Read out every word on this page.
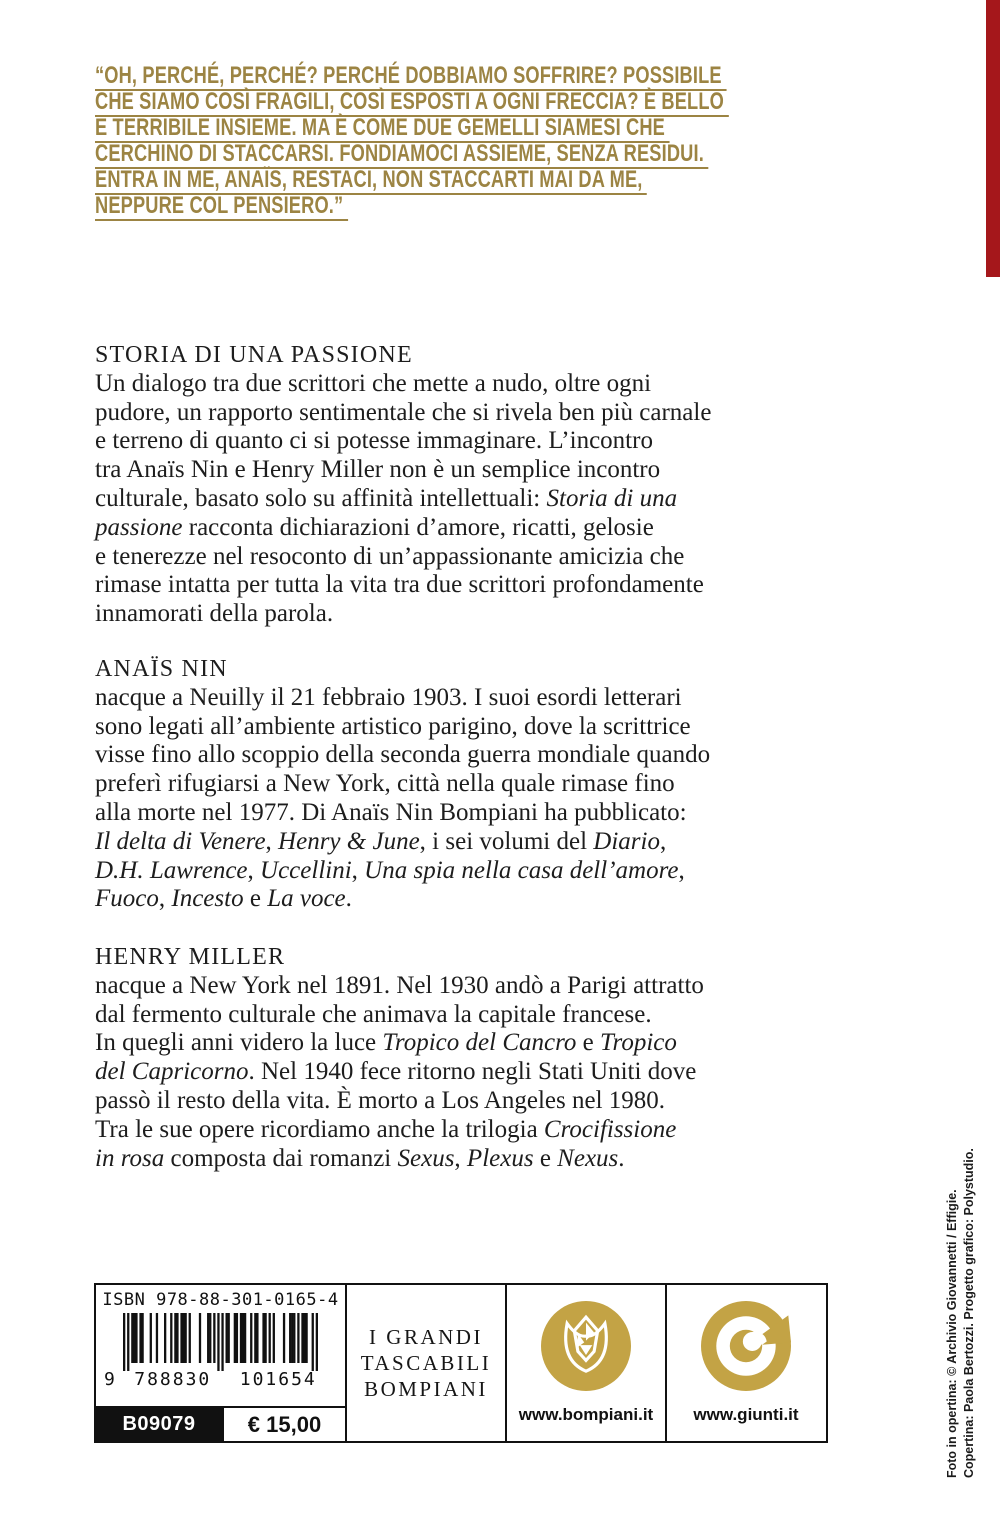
“OH, PERCHÉ, PERCHÉ? PERCHÉ DOBBIAMO SOFFRIRE? POSSIBILE
CHE SIAMO COSÌ FRAGILI, COSÌ ESPOSTI A OGNI FRECCIA? È BELLO
E TERRIBILE INSIEME. MA È COME DUE GEMELLI SIAMESI CHE
CERCHINO DI STACCARSI. FONDIAMOCI ASSIEME, SENZA RESIDUI.
ENTRA IN ME, ANAÏS, RESTACI, NON STACCARTI MAI DA ME,
NEPPURE COL PENSIERO.”
STORIA DI UNA PASSIONE
Un dialogo tra due scrittori che mette a nudo, oltre ogni
pudore, un rapporto sentimentale che si rivela ben più carnale
e terreno di quanto ci si potesse immaginare. L’incontro
tra Anaïs Nin e Henry Miller non è un semplice incontro
culturale, basato solo su affinità intellettuali: Storia di una
passione racconta dichiarazioni d’amore, ricatti, gelosie
e tenerezze nel resoconto di un’appassionante amicizia che
rimase intatta per tutta la vita tra due scrittori profondamente
innamorati della parola.
ANAÏS NIN
nacque a Neuilly il 21 febbraio 1903. I suoi esordi letterari
sono legati all’ambiente artistico parigino, dove la scrittrice
visse fino allo scoppio della seconda guerra mondiale quando
preferì rifugiarsi a New York, città nella quale rimase fino
alla morte nel 1977. Di Anaïs Nin Bompiani ha pubblicato:
Il delta di Venere, Henry & June, i sei volumi del Diario,
D.H. Lawrence, Uccellini, Una spia nella casa dell’amore,
Fuoco, Incesto e La voce.
HENRY MILLER
nacque a New York nel 1891. Nel 1930 andò a Parigi attratto
dal fermento culturale che animava la capitale francese.
In quegli anni videro la luce Tropico del Cancro e Tropico
del Capricorno. Nel 1940 fece ritorno negli Stati Uniti dove
passò il resto della vita. È morto a Los Angeles nel 1980.
Tra le sue opere ricordiamo anche la trilogia Crocifissione
in rosa composta dai romanzi Sexus, Plexus e Nexus.
ISBN 978-88-301-0165-4
9	788830	101654
B09079	€ 15,00
I GRANDI
TASCABILI
BOMPIANI
www.bompiani.it www.giunti.it	Foto in opertina: © Archivio Giovannetti / Effigie. Copertina: Paola Bertozzi. Progetto grafico: Polystudio.
